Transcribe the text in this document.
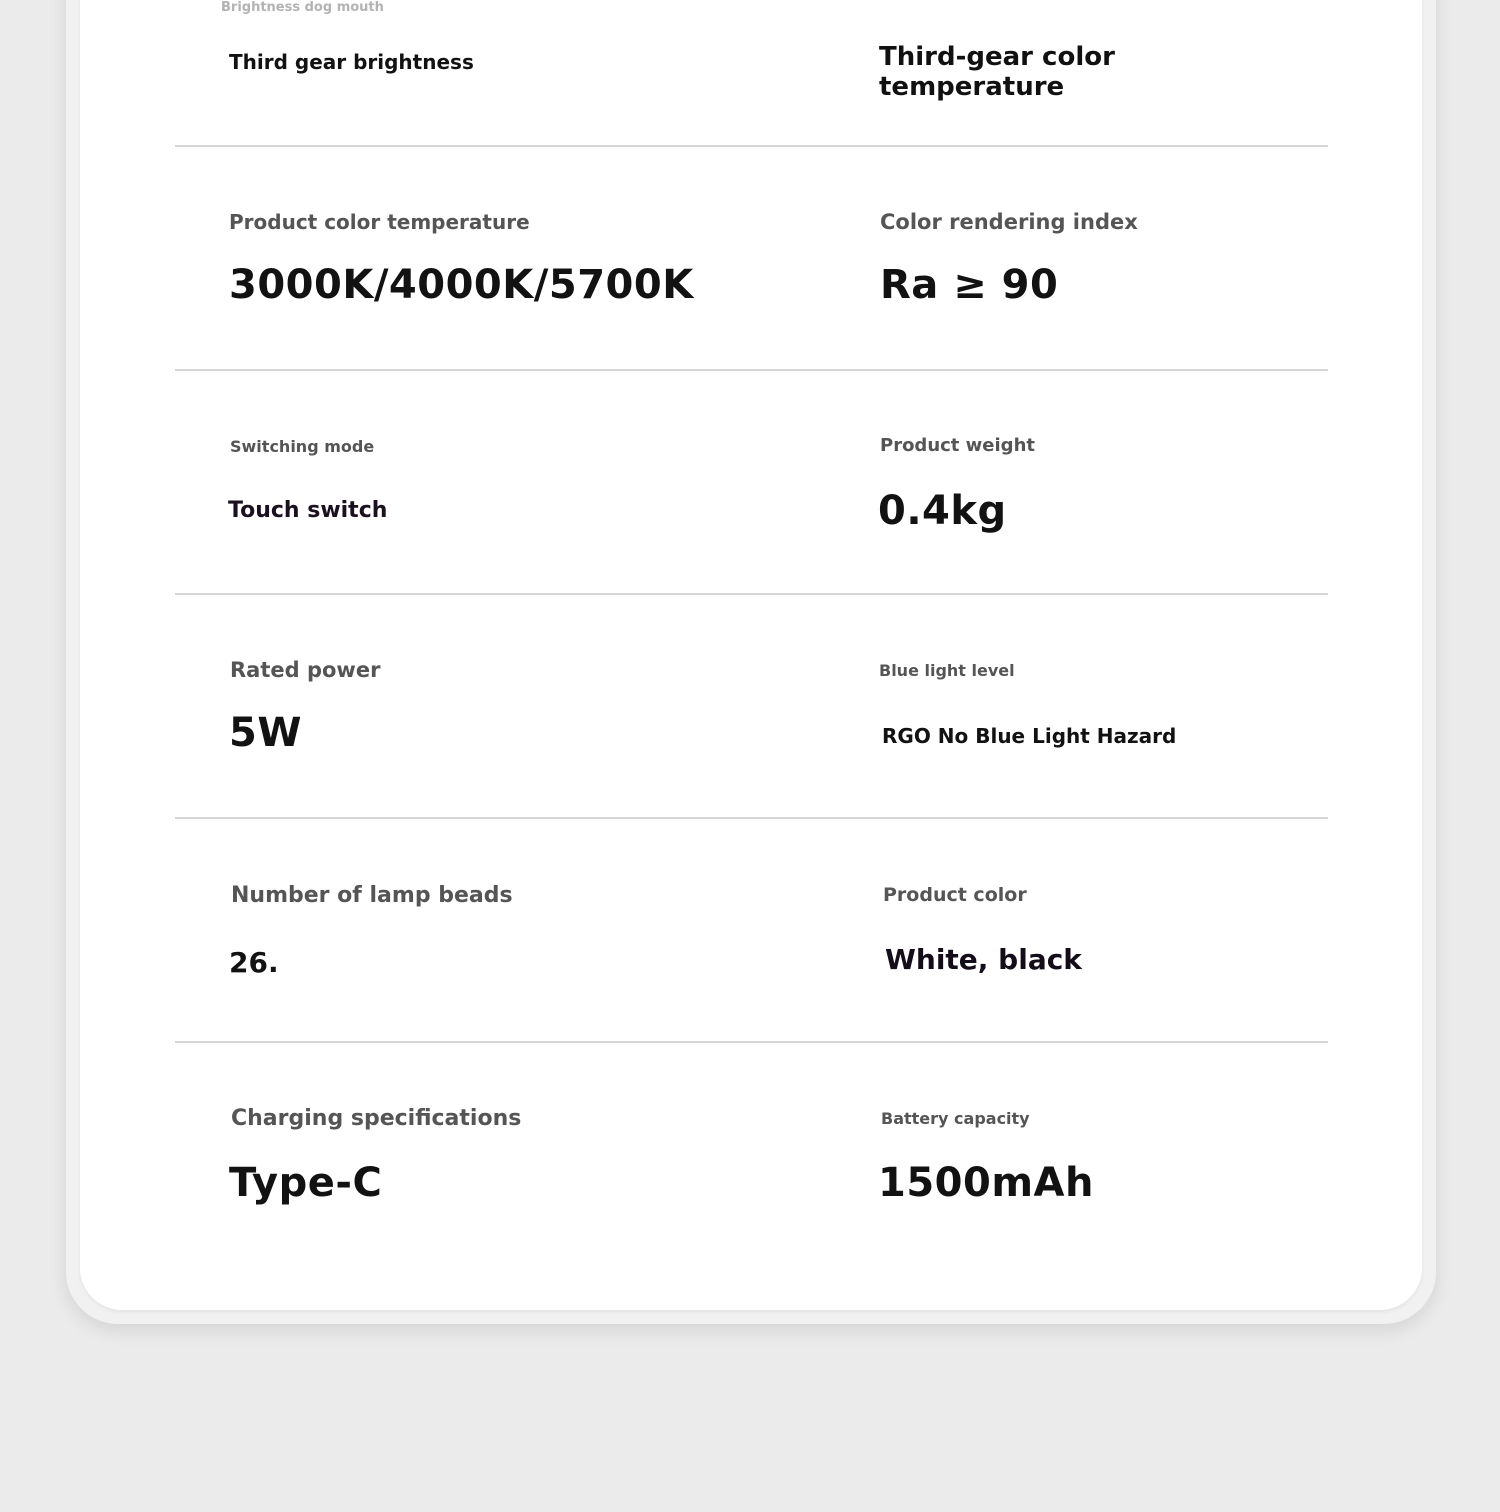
Brightness dog mouth
Third gear brightness	Third-gear color temperature
Product color temperature
3000K/4000K/5700K
Color rendering index
Ra ≥ 90
Switching mode
Touch switch
Product weight
0.4kg
Rated power
5W
Blue light level
RGO No Blue Light Hazard
Number of lamp beads
26.
Product color
White, black
Charging specifications
Type-C
Battery capacity
1500mAh
